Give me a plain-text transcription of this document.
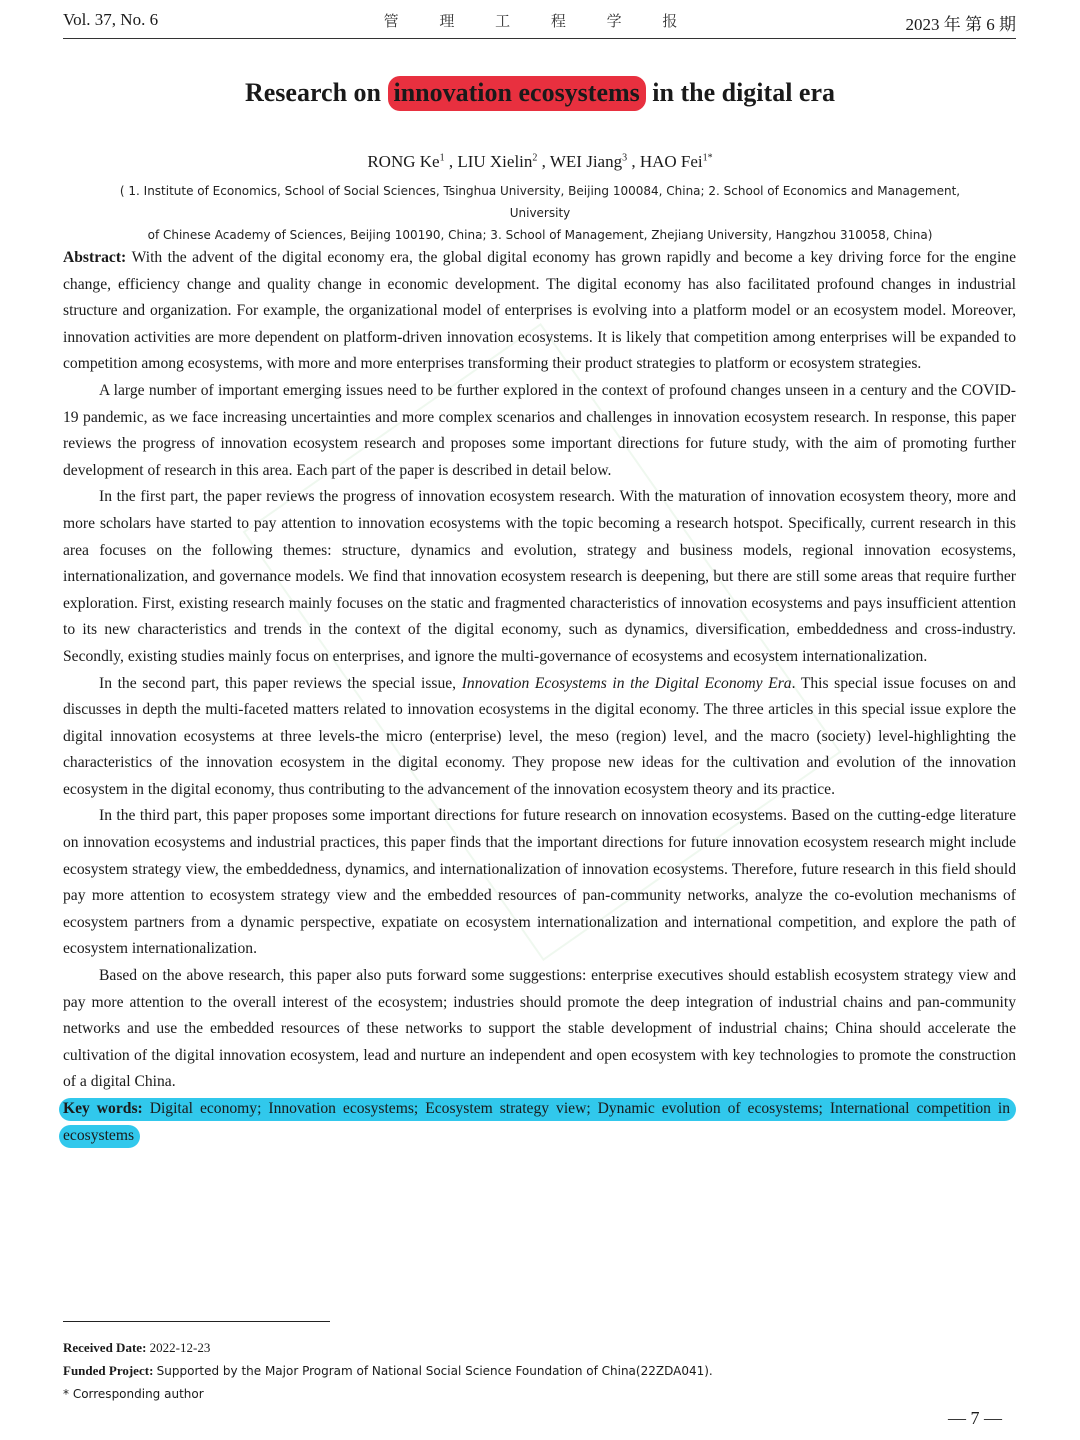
Vol. 37, No. 6	管 理 工 程 学 报	2023 年 第 6 期
Research on innovation ecosystems in the digital era
RONG Ke$^1$ , LIU Xielin$^2$ , WEI Jiang$^3$ , HAO Fei$^{1*}$
( 1. Institute of Economics, School of Social Sciences, Tsinghua University, Beijing 100084, China; 2. School of Economics and Management, University
of Chinese Academy of Sciences, Beijing 100190, China; 3. School of Management, Zhejiang University, Hangzhou 310058, China)

Abstract: With the advent of the digital economy era, the global digital economy has grown rapidly and become a key driving force for the engine change, efficiency change and quality change in economic development. The digital economy has also facilitated profound changes in industrial structure and organization. For example, the organizational model of enterprises is evolving into a platform model or an ecosystem model. Moreover, innovation activities are more dependent on platform-driven innovation ecosystems. It is likely that competition among enterprises will be expanded to competition among ecosystems, with more and more enterprises transforming their product strategies to platform or ecosystem strategies.

A large number of important emerging issues need to be further explored in the context of profound changes unseen in a century and the COVID-19 pandemic, as we face increasing uncertainties and more complex scenarios and challenges in innovation ecosystem research. In response, this paper reviews the progress of innovation ecosystem research and proposes some important directions for future study, with the aim of promoting further development of research in this area. Each part of the paper is described in detail below.

In the first part, the paper reviews the progress of innovation ecosystem research. With the maturation of innovation ecosystem theory, more and more scholars have started to pay attention to innovation ecosystems with the topic becoming a research hotspot. Specifically, current research in this area focuses on the following themes: structure, dynamics and evolution, strategy and business models, regional innovation ecosystems, internationalization, and governance models. We find that innovation ecosystem research is deepening, but there are still some areas that require further exploration. First, existing research mainly focuses on the static and fragmented characteristics of innovation ecosystems and pays insufficient attention to its new characteristics and trends in the context of the digital economy, such as dynamics, diversification, embeddedness and cross-industry. Secondly, existing studies mainly focus on enterprises, and ignore the multi-governance of ecosystems and ecosystem internationalization.

In the second part, this paper reviews the special issue, Innovation Ecosystems in the Digital Economy Era. This special issue focuses on and discusses in depth the multi-faceted matters related to innovation ecosystems in the digital economy. The three articles in this special issue explore the digital innovation ecosystems at three levels-the micro (enterprise) level, the meso (region) level, and the macro (society) level-highlighting the characteristics of the innovation ecosystem in the digital economy. They propose new ideas for the cultivation and evolution of the innovation ecosystem in the digital economy, thus contributing to the advancement of the innovation ecosystem theory and its practice.

In the third part, this paper proposes some important directions for future research on innovation ecosystems. Based on the cutting-edge literature on innovation ecosystems and industrial practices, this paper finds that the important directions for future innovation ecosystem research might include ecosystem strategy view, the embeddedness, dynamics, and internationalization of innovation ecosystems. Therefore, future research in this field should pay more attention to ecosystem strategy view and the embedded resources of pan-community networks, analyze the co-evolution mechanisms of ecosystem partners from a dynamic perspective, expatiate on ecosystem internationalization and international competition, and explore the path of ecosystem internationalization.

Based on the above research, this paper also puts forward some suggestions: enterprise executives should establish ecosystem strategy view and pay more attention to the overall interest of the ecosystem; industries should promote the deep integration of industrial chains and pan-community networks and use the embedded resources of these networks to support the stable development of industrial chains; China should accelerate the cultivation of the digital innovation ecosystem, lead and nurture an independent and open ecosystem with key technologies to promote the construction of a digital China.

Key words: Digital economy; Innovation ecosystems; Ecosystem strategy view; Dynamic evolution of ecosystems; International competition in ecosystems

Received Date: 2022-12-23
Funded Project: Supported by the Major Program of National Social Science Foundation of China(22ZDA041).
* Corresponding author
— 7 —
